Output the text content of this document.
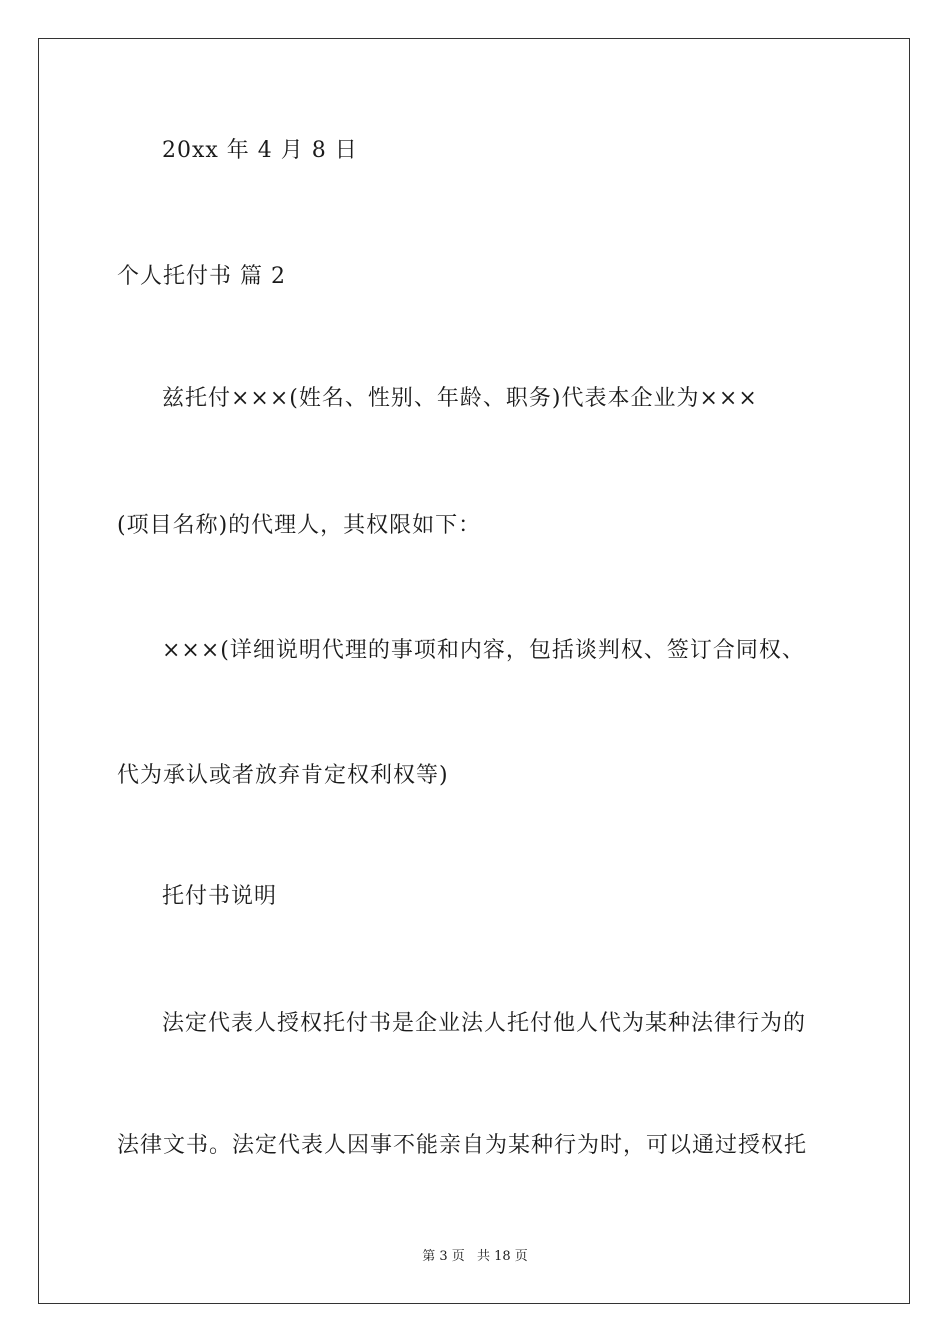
20xx 年 4 月 8 日
个人托付书 篇 2
兹托付×××(姓名、性别、年龄、职务)代表本企业为×××
(项目名称)的代理人，其权限如下：
×××(详细说明代理的事项和内容，包括谈判权、签订合同权、
代为承认或者放弃肯定权利权等)
托付书说明
法定代表人授权托付书是企业法人托付他人代为某种法律行为的
法律文书。法定代表人因事不能亲自为某种行为时，可以通过授权托
第 3 页 共 18 页
